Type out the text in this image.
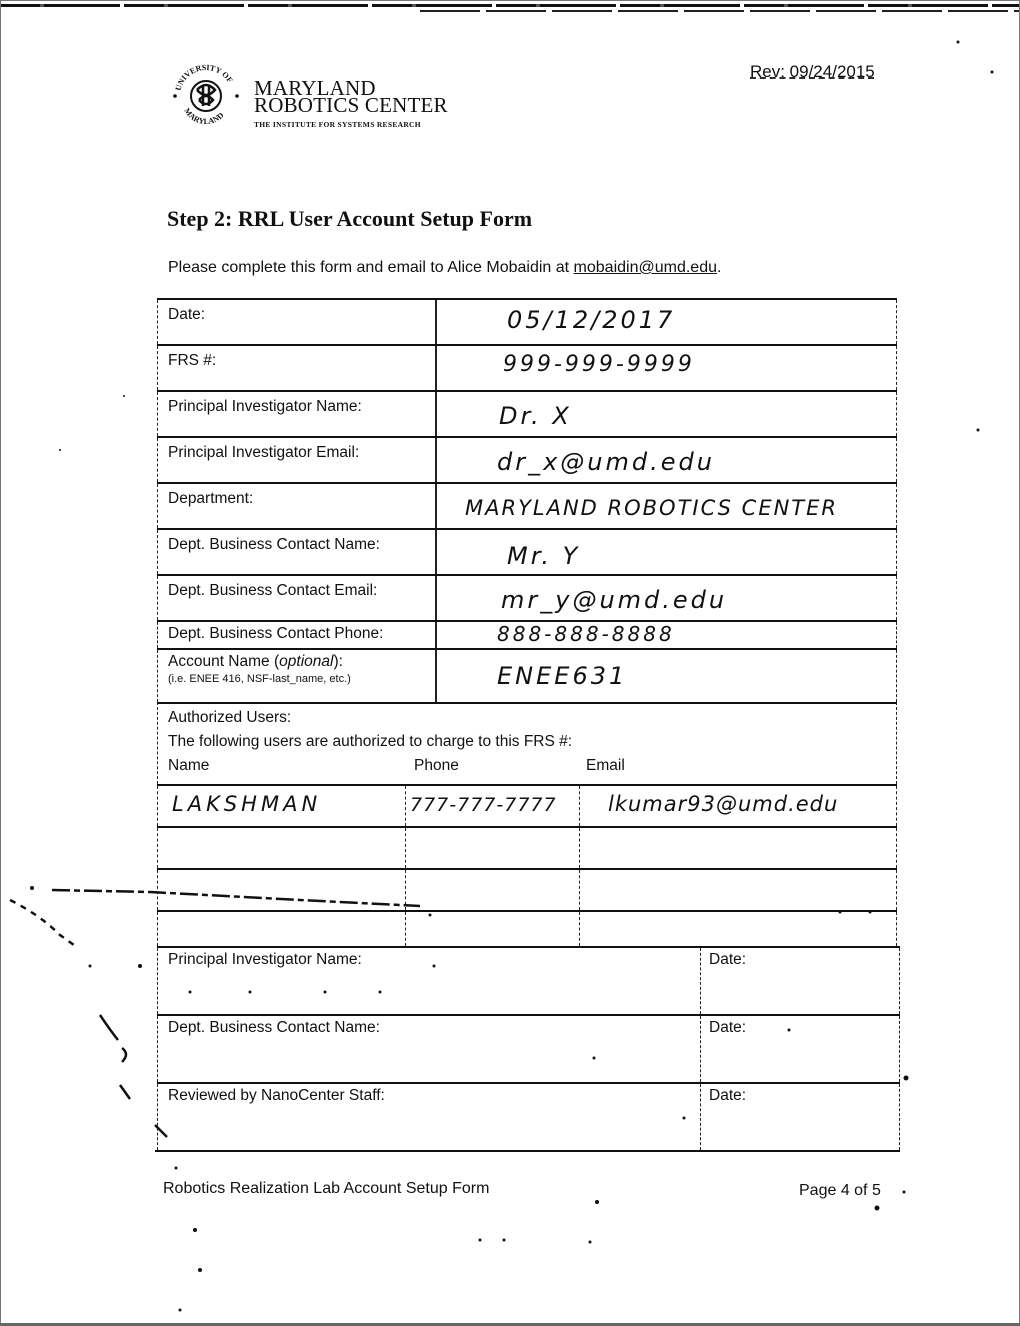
UNIVERSITY OF
MARYLAND
MARYLAND
ROBOTICS CENTER
THE INSTITUTE FOR SYSTEMS RESEARCH
Rev: 09/24/2015
Step 2: RRL User Account Setup Form
Please complete this form and email to Alice Mobaidin at mobaidin@umd.edu.
Date:	05/12/2017
FRS #:	999-999-9999
Principal Investigator Name:	Dr. X
Principal Investigator Email:	dr_x@umd.edu
Department:	MARYLAND ROBOTICS CENTER
Dept. Business Contact Name:	Mr. Y
Dept. Business Contact Email:	mr_y@umd.edu
Dept. Business Contact Phone:	888-888-8888
Account Name (optional):
(i.e. ENEE 416, NSF-last_name, etc.)	ENEE631
Authorized Users:
The following users are authorized to charge to this FRS #:
Name	Phone	Email
LAKSHMAN	777-777-7777 lkumar93@umd.edu
Principal Investigator Name:	Date:
Dept. Business Contact Name:	Date:
Reviewed by NanoCenter Staff:	Date:
Robotics Realization Lab Account Setup Form	Page 4 of 5
